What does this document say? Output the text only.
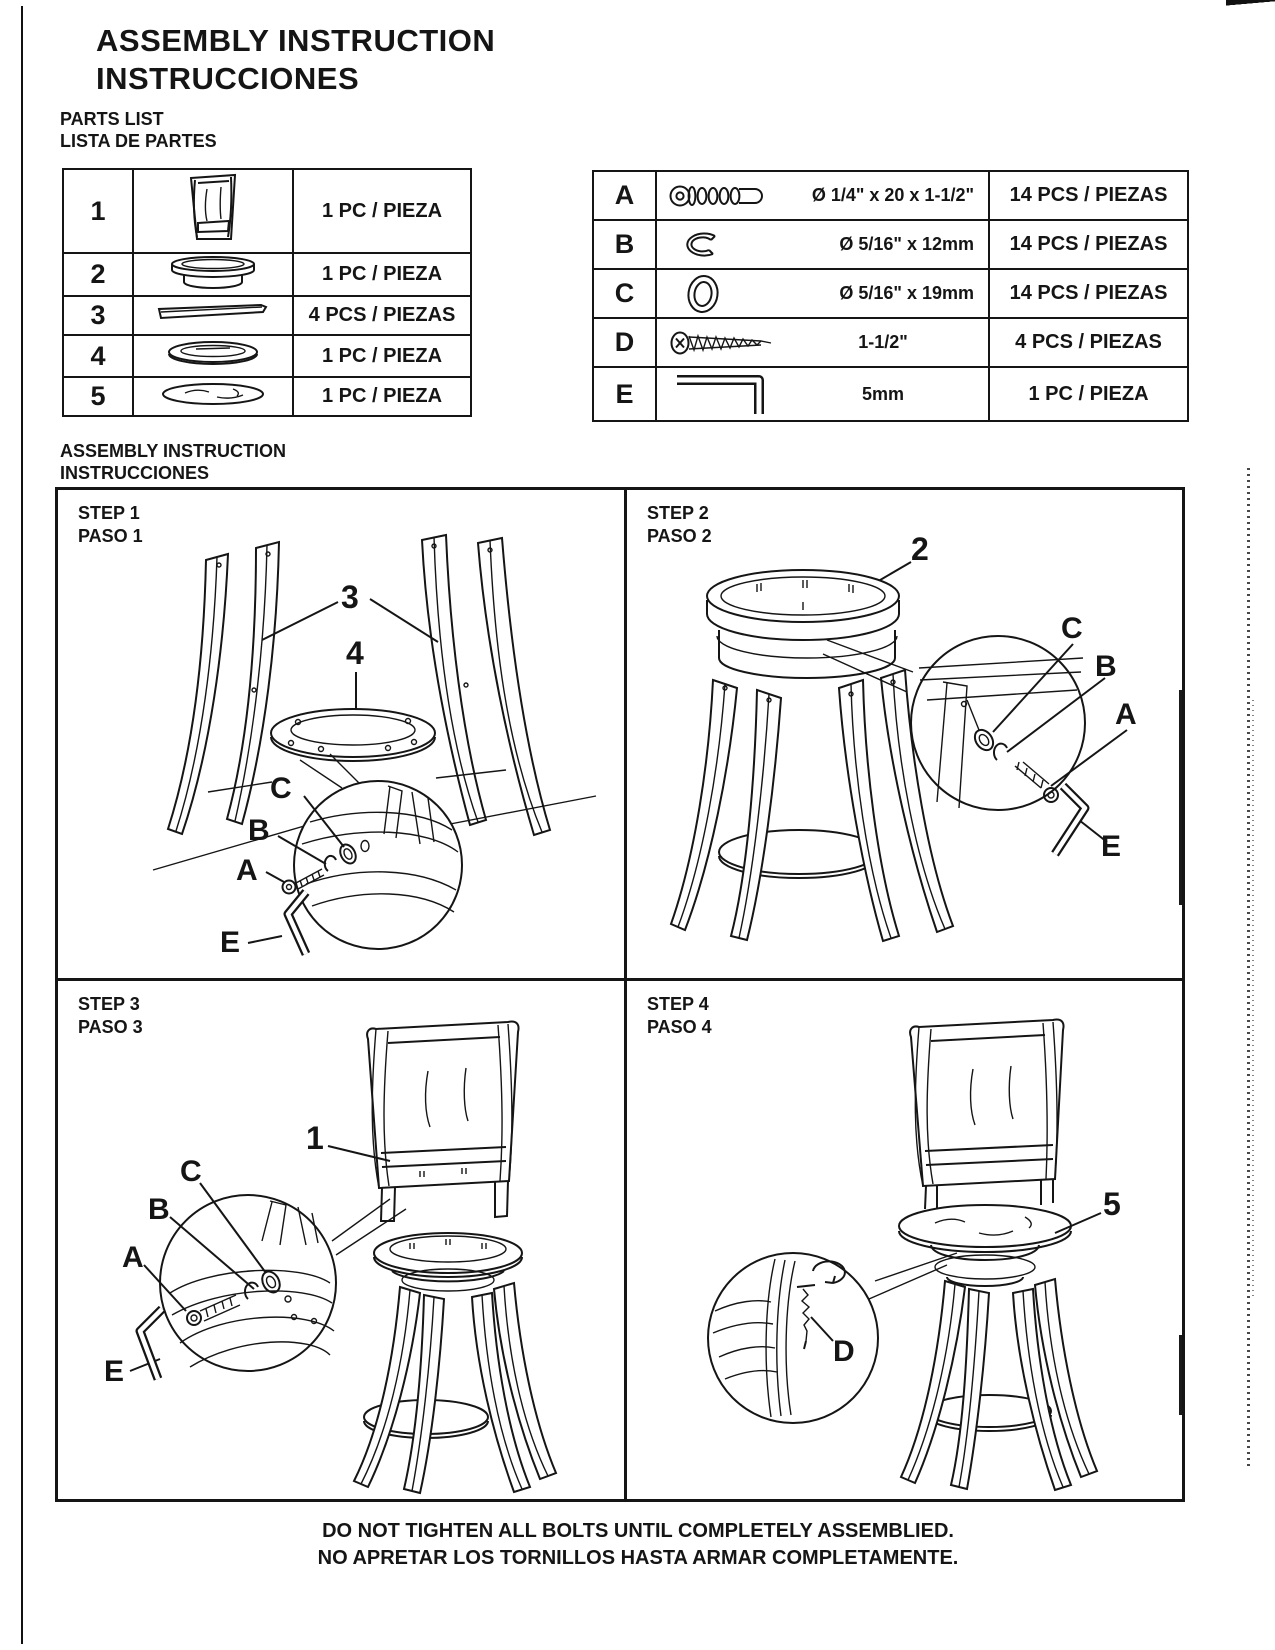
ASSEMBLY INSTRUCTION
INSTRUCCIONES
PARTS LIST
LISTA DE PARTES
1		1 PC / PIEZA
2		1 PC / PIEZA
3		4 PCS / PIEZAS
4		1 PC / PIEZA
5		1 PC / PIEZA
A	Ø 1/4" x 20 x 1-1/2"	14 PCS / PIEZAS
B	Ø 5/16" x 12mm	14 PCS / PIEZAS
C	Ø 5/16" x 19mm	14 PCS / PIEZAS
D	1-1/2"	4 PCS / PIEZAS
E	5mm	1 PC / PIEZA
ASSEMBLY INSTRUCTION
INSTRUCCIONES
STEP 1
PASO 1
3
4
C
B
A
E
STEP 2
PASO 2	2
C
B
A
E
STEP 3
PASO 3
1
C
B
A
E
STEP 4
PASO 4
5
D
DO NOT TIGHTEN ALL BOLTS UNTIL COMPLETELY ASSEMBLIED.
NO APRETAR LOS TORNILLOS HASTA ARMAR COMPLETAMENTE.
